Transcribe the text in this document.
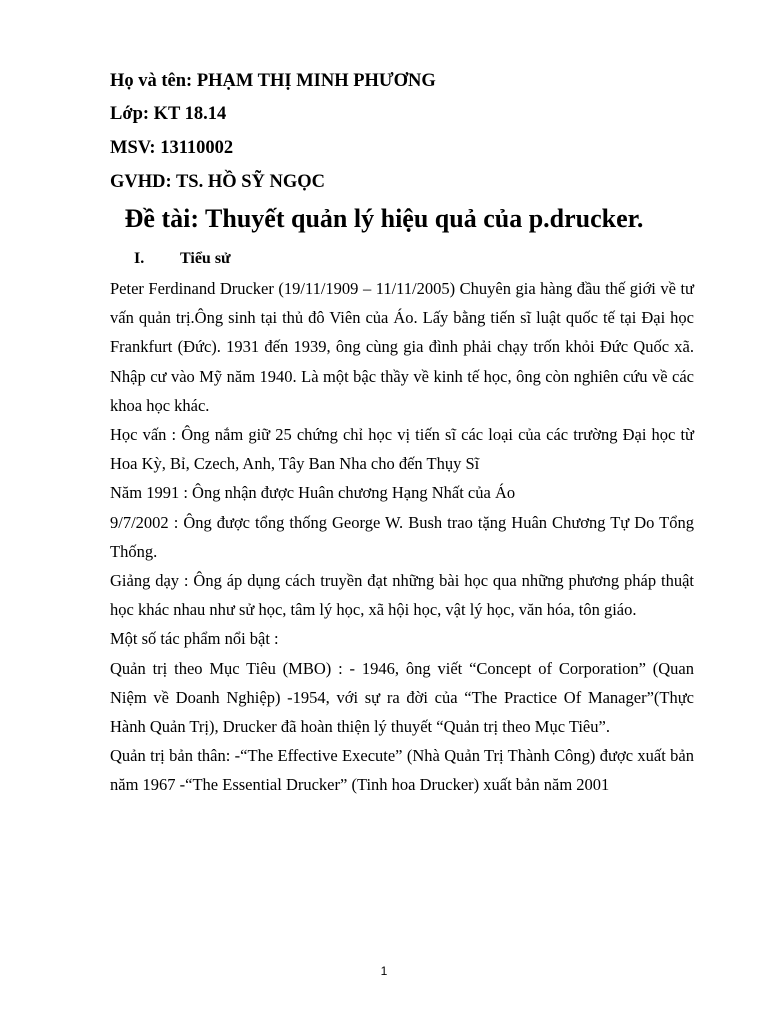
Họ và tên: PHẠM THỊ MINH PHƯƠNG
Lớp: KT 18.14
MSV: 13110002
GVHD: TS. HỒ SỸ NGỌC
Đề tài: Thuyết quản lý hiệu quả của p.drucker.
I. Tiểu sử

Peter Ferdinand Drucker (19/11/1909 – 11/11/2005) Chuyên gia hàng đầu thế giới về tư vấn quản trị.Ông sinh tại thủ đô Viên của Áo. Lấy bằng tiến sĩ luật quốc tế tại Đại học Frankfurt (Đức). 1931 đến 1939, ông cùng gia đình phải chạy trốn khỏi Đức Quốc xã. Nhập cư vào Mỹ năm 1940. Là một bậc thầy về kinh tế học, ông còn nghiên cứu về các khoa học khác.

Học vấn : Ông nắm giữ 25 chứng chỉ học vị tiến sĩ các loại của các trường Đại học từ Hoa Kỳ, Bỉ, Czech, Anh, Tây Ban Nha cho đến Thụy Sĩ

Năm 1991 : Ông nhận được Huân chương Hạng Nhất của Áo

9/7/2002 : Ông được tổng thống George W. Bush trao tặng Huân Chương Tự Do Tổng Thống.

Giảng dạy : Ông áp dụng cách truyền đạt những bài học qua những phương pháp thuật học khác nhau như sử học, tâm lý học, xã hội học, vật lý học, văn hóa, tôn giáo.

Một số tác phẩm nổi bật :

Quản trị theo Mục Tiêu (MBO) : - 1946, ông viết “Concept of Corporation” (Quan Niệm về Doanh Nghiệp) -1954, với sự ra đời của “The Practice Of Manager”(Thực Hành Quản Trị), Drucker đã hoàn thiện lý thuyết “Quản trị theo Mục Tiêu”.

Quản trị bản thân: -“The Effective Execute” (Nhà Quản Trị Thành Công) được xuất bản năm 1967 -“The Essential Drucker” (Tinh hoa Drucker) xuất bản năm 2001

1
